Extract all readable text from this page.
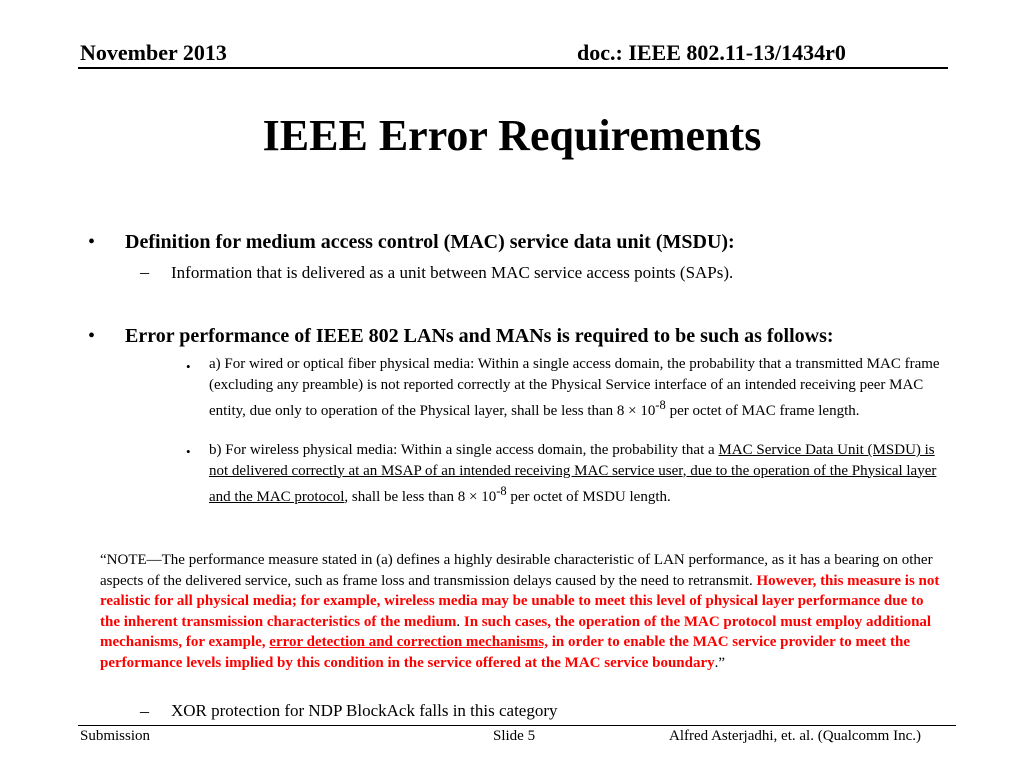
November 2013	doc.: IEEE 802.11-13/1434r0
IEEE Error Requirements
• Definition for medium access control (MAC) service data unit (MSDU):
– Information that is delivered as a unit between MAC service access points (SAPs).
• Error performance of IEEE 802 LANs and MANs is required to be such as follows:
• a) For wired or optical fiber physical media: Within a single access domain, the probability that a transmitted MAC frame (excluding any preamble) is not reported correctly at the Physical Service interface of an intended receiving peer MAC entity, due only to operation of the Physical layer, shall be less than $8 \times 10^{-8}$ per octet of MAC frame length.
• b) For wireless physical media: Within a single access domain, the probability that a MAC Service Data Unit (MSDU) is not delivered correctly at an MSAP of an intended receiving MAC service user, due to the operation of the Physical layer and the MAC protocol, shall be less than $8 \times 10^{-8}$ per octet of MSDU length.
“NOTE—The performance measure stated in (a) defines a highly desirable characteristic of LAN performance, as it has a bearing on other aspects of the delivered service, such as frame loss and transmission delays caused by the need to retransmit. However, this measure is not realistic for all physical media; for example, wireless media may be unable to meet this level of physical layer performance due to the inherent transmission characteristics of the medium. In such cases, the operation of the MAC protocol must employ additional mechanisms, for example, error detection and correction mechanisms, in order to enable the MAC service provider to meet the performance levels implied by this condition in the service offered at the MAC service boundary.”
– XOR protection for NDP BlockAck falls in this category
Submission	Slide 5	Alfred Asterjadhi, et. al. (Qualcomm Inc.)
